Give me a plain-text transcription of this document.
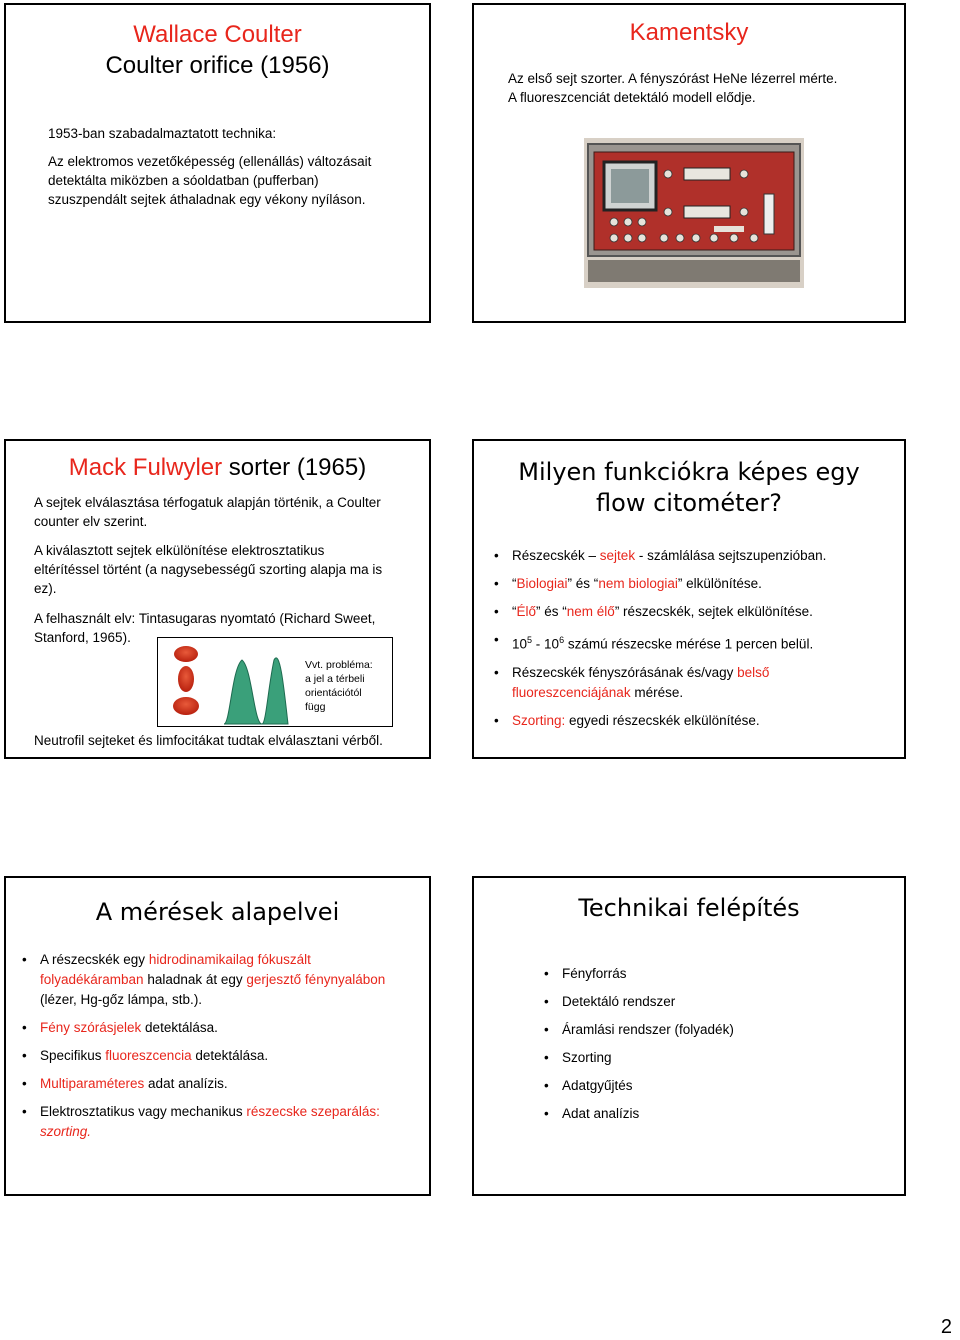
Wallace Coulter
Coulter orifice (1956)

1953-ban szabadalmaztatott technika:

Az elektromos vezetőképesség (ellenállás) változásait
detektálta miközben a sóoldatban (pufferban)
szuszpendált sejtek áthaladnak egy vékony nyíláson.

Kamentsky

Az első sejt szorter. A fényszórást HeNe lézerrel mérte.
A fluoreszcenciát detektáló modell elődje.

Mack Fulwyler sorter (1965)

A sejtek elválasztása térfogatuk alapján történik, a Coulter
counter elv szerint.

A kiválasztott sejtek elkülönítése elektrosztatikus
eltérítéssel történt (a nagysebességű szorting alapja ma is
ez).

A felhasznált elv: Tintasugaras nyomtató (Richard Sweet,
Stanford, 1965).

Vvt. probléma:
a jel a térbeli
orientációtól
függ

Neutrofil sejteket és limfocitákat tudtak elválasztani vérből.

Milyen funkciókra képes egy
flow citométer?

• Részecskék – sejtek - számlálása sejtszupenzióban.
• “Biologiai” és “nem biologiai” elkülönítése.
• “Élő” és “nem élő” részecskék, sejtek elkülönítése.
• $10^5 - 10^6$ számú részecske mérése 1 percen belül.
• Részecskék fényszórásának és/vagy belső
fluoreszcenciájának mérése.
• Szorting: egyedi részecskék elkülönítése.

A mérések alapelvei

• A részecskék egy hidrodinamikailag fókuszált
folyadékáramban haladnak át egy gerjesztő fénynyalábon
(lézer, Hg-gőz lámpa, stb.).
• Fény szórásjelek detektálása.
• Specifikus fluoreszcencia detektálása.
• Multiparaméteres adat analízis.
• Elektrosztatikus vagy mechanikus részecske szeparálás:
szorting.

Technikai felépítés

• Fényforrás
• Detektáló rendszer
• Áramlási rendszer (folyadék)
• Szorting
• Adatgyűjtés
• Adat analízis
2
